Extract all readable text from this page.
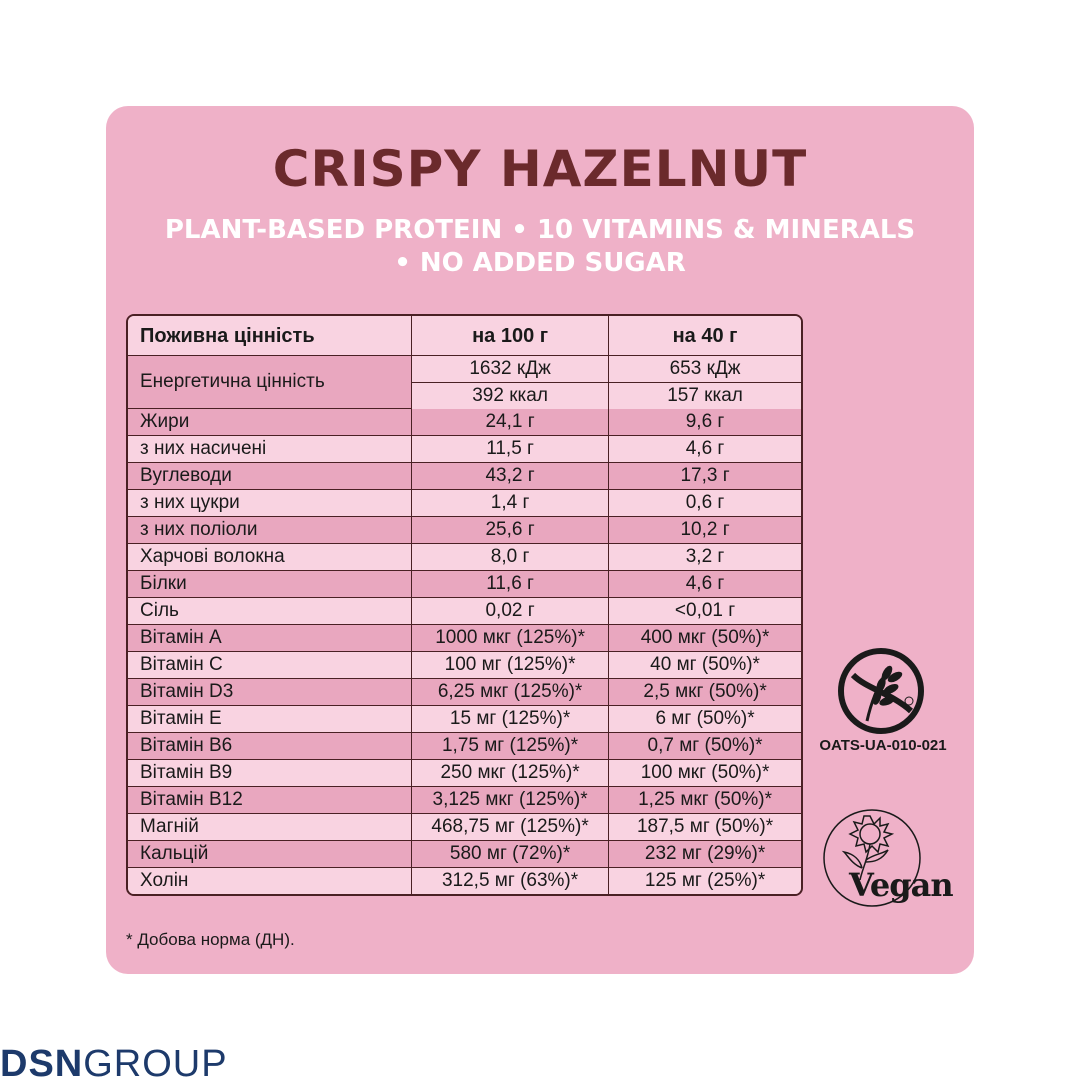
CRISPY HAZELNUT

PLANT-BASED PROTEIN • 10 VITAMINS & MINERALS
• NO ADDED SUGAR

Поживна цінність	на 100 г	на 40 г
Енергетична цінність	1632 кДж	653 кДж
	392 ккал	157 ккал
Жири	24,1 г	9,6 г
з них насичені	11,5 г	4,6 г
Вуглеводи	43,2 г	17,3 г
з них цукри	1,4 г	0,6 г
з них поліоли	25,6 г	10,2 г
Харчові волокна	8,0 г	3,2 г
Білки	11,6 г	4,6 г
Сіль	0,02 г	<0,01 г
Вітамін А	1000 мкг (125%)*	400 мкг (50%)*
Вітамін С	100 мг (125%)*	40 мг (50%)*
Вітамін D3	6,25 мкг (125%)*	2,5 мкг (50%)*
Вітамін Е	15 мг (125%)*	6 мг (50%)*
Вітамін В6	1,75 мг (125%)*	0,7 мг (50%)*
Вітамін В9	250 мкг (125%)*	100 мкг (50%)*
Вітамін В12	3,125 мкг (125%)*	1,25 мкг (50%)*
Магній	468,75 мг (125%)*	187,5 мг (50%)*
Кальцій	580 мг (72%)*	232 мг (29%)*
Холін	312,5 мг (63%)*	125 мг (25%)*

* Добова норма (ДН).

OATS-UA-010-021
Vegan
DSNGROUP
